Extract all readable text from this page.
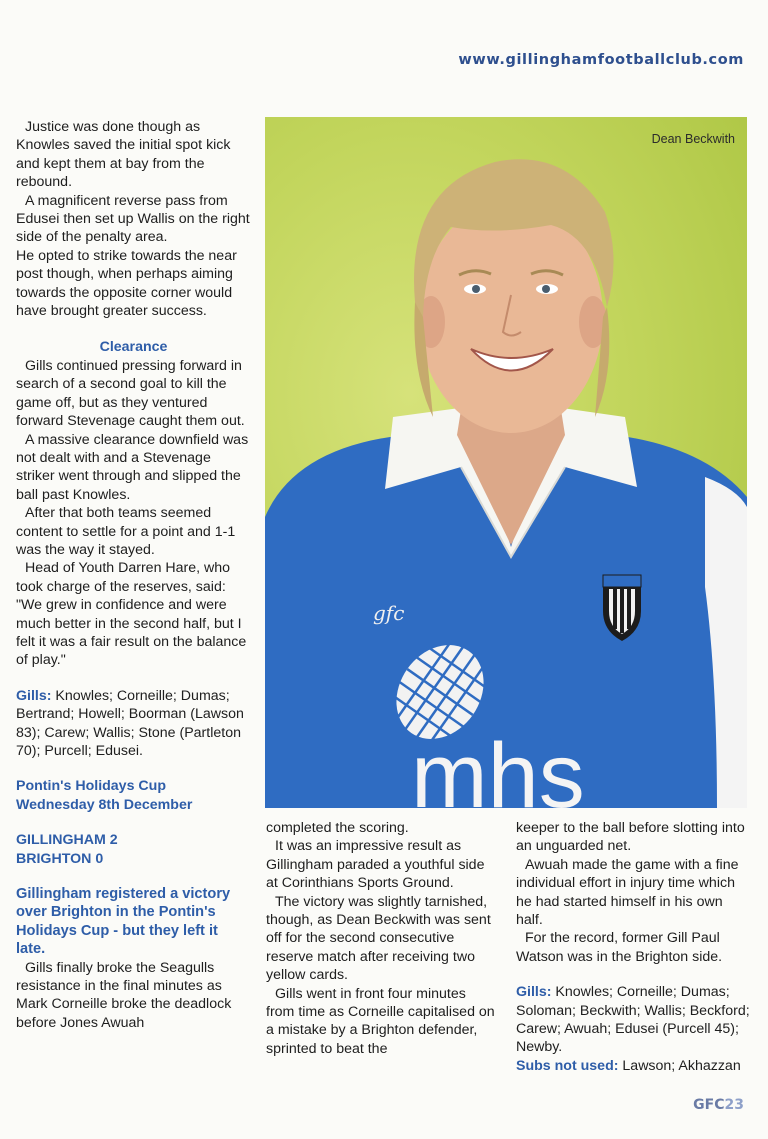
www.gillinghamfootballclub.com

Justice was done though as Knowles saved the initial spot kick and kept them at bay from the rebound.

A magnificent reverse pass from Edusei then set up Wallis on the right side of the penalty area.

He opted to strike towards the near post though, when perhaps aiming towards the opposite corner would have brought greater success.

Clearance

Gills continued pressing forward in search of a second goal to kill the game off, but as they ventured forward Stevenage caught them out.

A massive clearance downfield was not dealt with and a Stevenage striker went through and slipped the ball past Knowles.

After that both teams seemed content to settle for a point and 1-1 was the way it stayed.

Head of Youth Darren Hare, who took charge of the reserves, said: "We grew in confidence and were much better in the second half, but I felt it was a fair result on the balance of play."

Gills: Knowles; Corneille; Dumas; Bertrand; Howell; Boorman (Lawson 83); Carew; Wallis; Stone (Partleton 70); Purcell; Edusei.
Pontin's Holidays Cup
Wednesday 8th December
GILLINGHAM 2
BRIGHTON 0
Gillingham registered a victory over Brighton in the Pontin's Holidays Cup - but they left it late.

Gills finally broke the Seagulls resistance in the final minutes as Mark Corneille broke the deadlock before Jones Awuah

gfc
mhs
Dean Beckwith

completed the scoring.

It was an impressive result as Gillingham paraded a youthful side at Corinthians Sports Ground.

The victory was slightly tarnished, though, as Dean Beckwith was sent off for the second consecutive reserve match after receiving two yellow cards.

Gills went in front four minutes from time as Corneille capitalised on a mistake by a Brighton defender, sprinted to beat the

keeper to the ball before slotting into an unguarded net.

Awuah made the game with a fine individual effort in injury time which he had started himself in his own half.

For the record, former Gill Paul Watson was in the Brighton side.

Gills: Knowles; Corneille; Dumas; Soloman; Beckwith; Wallis; Beckford; Carew; Awuah; Edusei (Purcell 45); Newby.
Subs not used: Lawson; Akhazzan
GFC23
